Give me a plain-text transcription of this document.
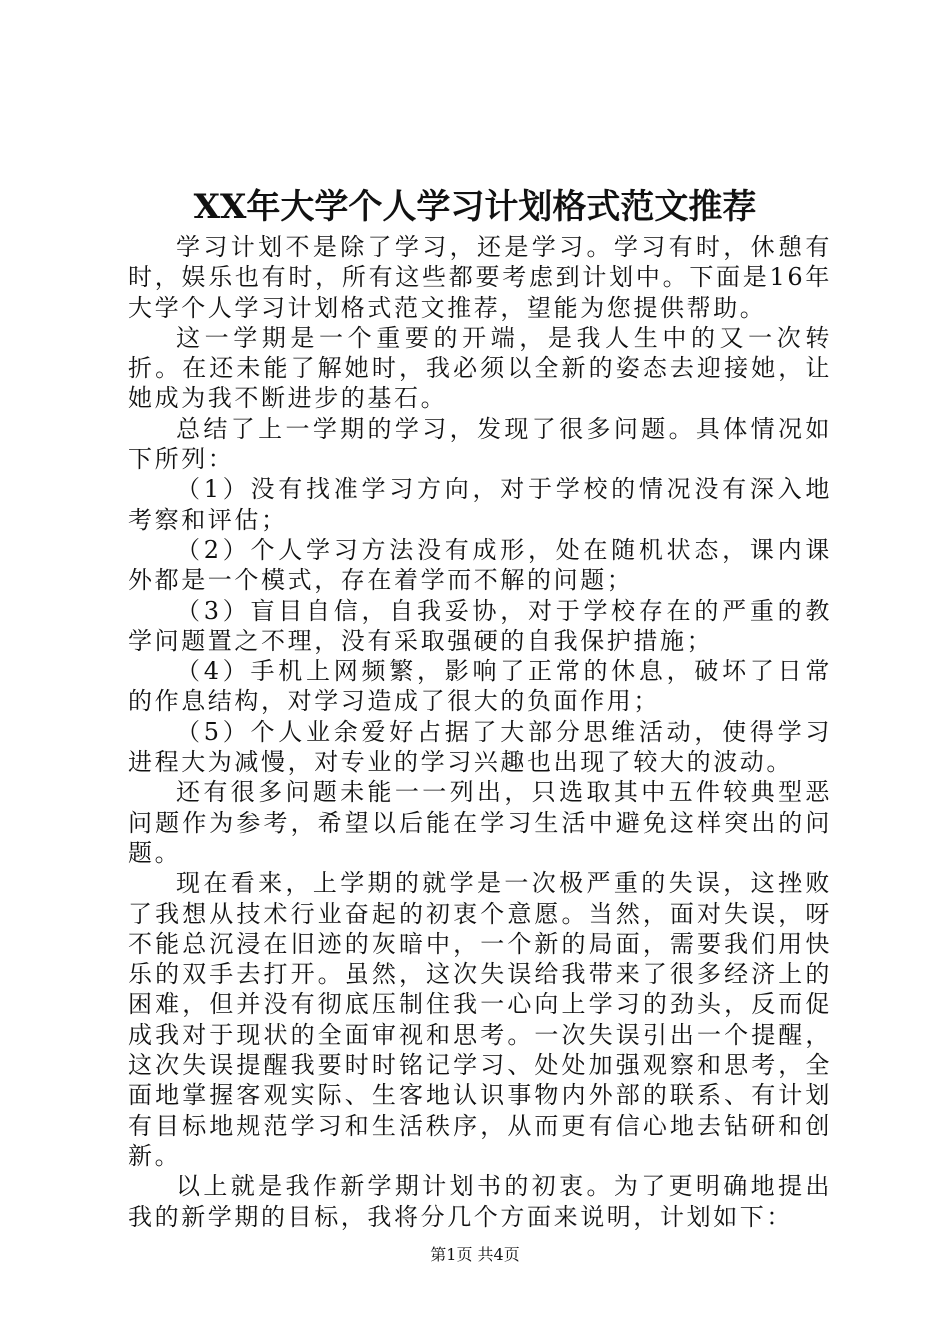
XX年大学个人学习计划格式范文推荐

学习计划不是除了学习，还是学习。学习有时，休憩有时，娱乐也有时，所有这些都要考虑到计划中。下面是16年大学个人学习计划格式范文推荐，望能为您提供帮助。

这一学期是一个重要的开端，是我人生中的又一次转折。在还未能了解她时，我必须以全新的姿态去迎接她，让她成为我不断进步的基石。

总结了上一学期的学习，发现了很多问题。具体情况如下所列：

（1）没有找准学习方向，对于学校的情况没有深入地考察和评估；

（2）个人学习方法没有成形，处在随机状态，课内课外都是一个模式，存在着学而不解的问题；

（3）盲目自信，自我妥协，对于学校存在的严重的教学问题置之不理，没有采取强硬的自我保护措施；

（4）手机上网频繁，影响了正常的休息，破坏了日常的作息结构，对学习造成了很大的负面作用；

（5）个人业余爱好占据了大部分思维活动，使得学习进程大为减慢，对专业的学习兴趣也出现了较大的波动。

还有很多问题未能一一列出，只选取其中五件较典型恶问题作为参考，希望以后能在学习生活中避免这样突出的问题。

现在看来，上学期的就学是一次极严重的失误，这挫败了我想从技术行业奋起的初衷个意愿。当然，面对失误，呀不能总沉浸在旧迹的灰暗中，一个新的局面，需要我们用快乐的双手去打开。虽然，这次失误给我带来了很多经济上的困难，但并没有彻底压制住我一心向上学习的劲头，反而促成我对于现状的全面审视和思考。一次失误引出一个提醒，这次失误提醒我要时时铭记学习、处处加强观察和思考，全面地掌握客观实际、生客地认识事物内外部的联系、有计划有目标地规范学习和生活秩序，从而更有信心地去钻研和创新。

以上就是我作新学期计划书的初衷。为了更明确地提出我的新学期的目标，我将分几个方面来说明，计划如下：

第1页 共4页
